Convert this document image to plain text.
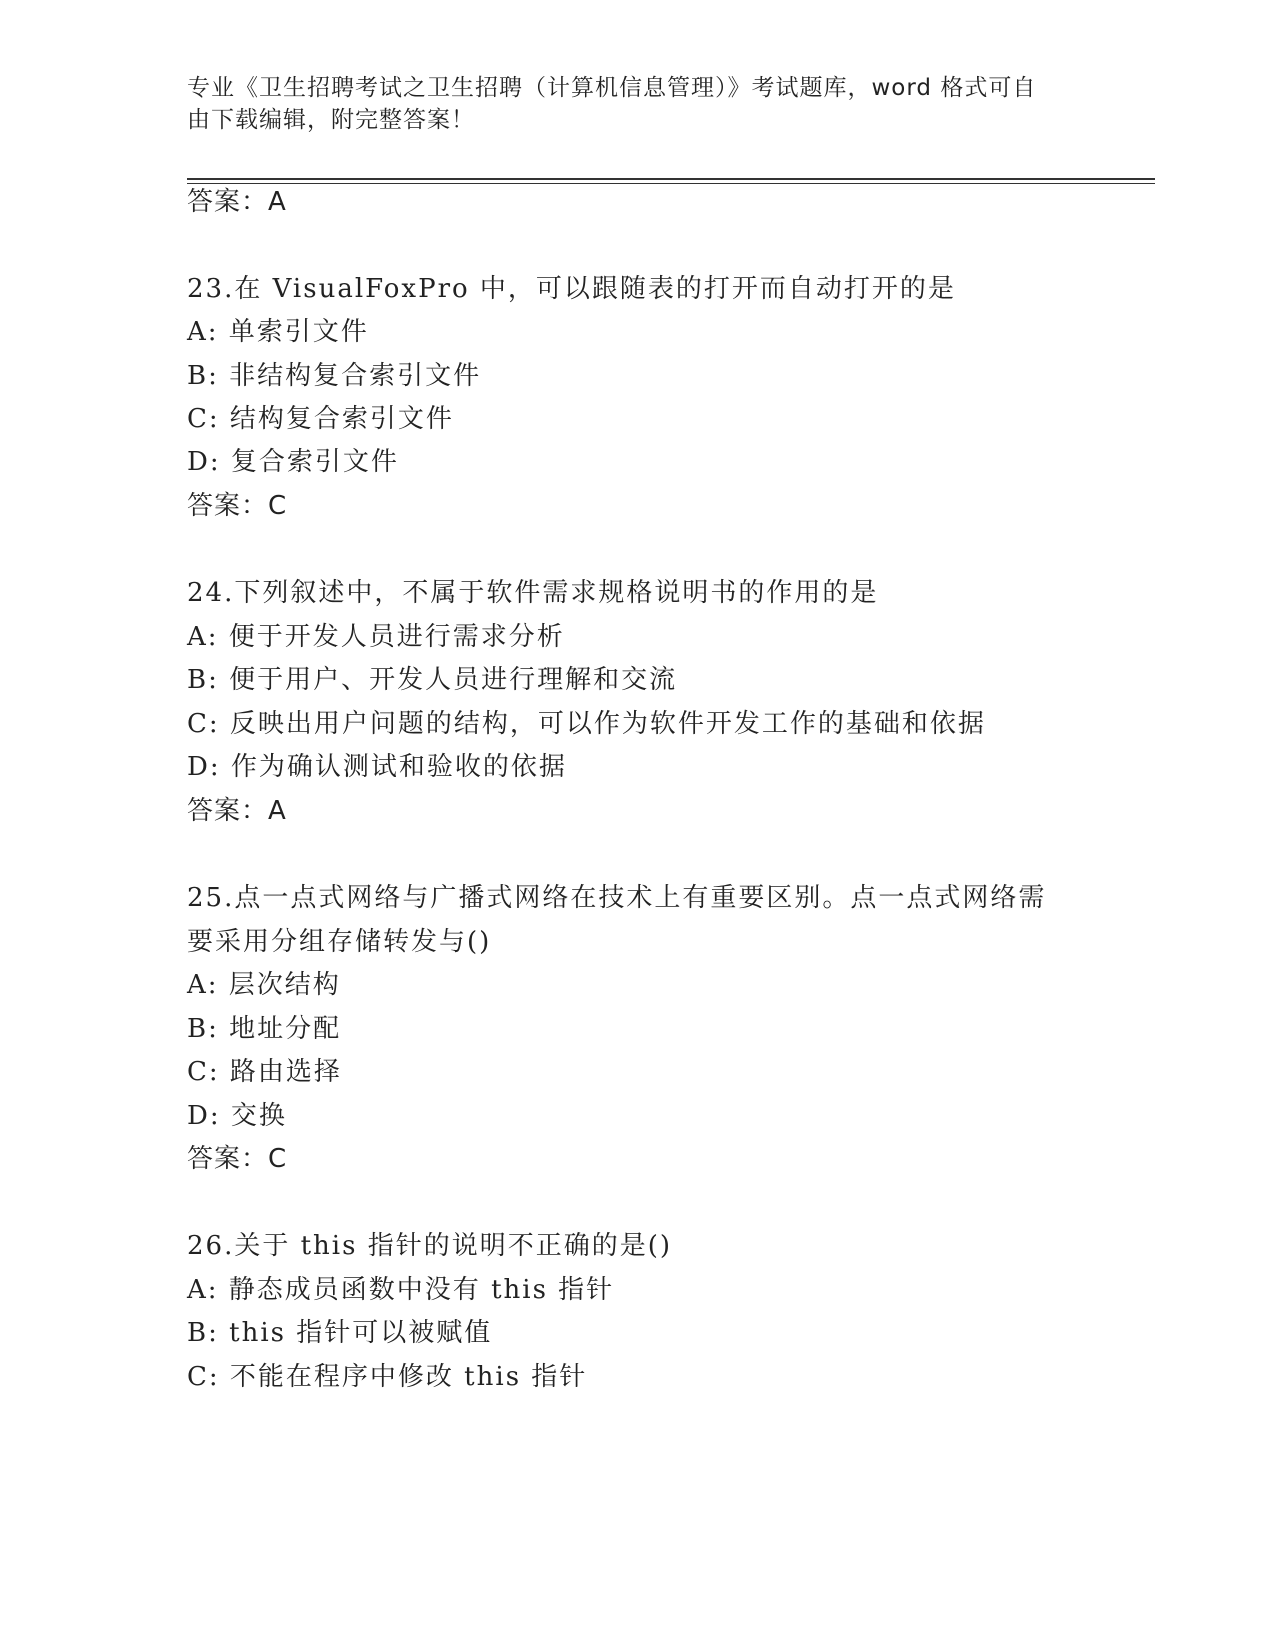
专业《卫生招聘考试之卫生招聘（计算机信息管理）》考试题库，word 格式可自
由下载编辑，附完整答案！
答案：A
23.在 VisualFoxPro 中，可以跟随表的打开而自动打开的是
A: 单索引文件
B: 非结构复合索引文件
C: 结构复合索引文件
D: 复合索引文件
答案：C
24.下列叙述中，不属于软件需求规格说明书的作用的是
A: 便于开发人员进行需求分析
B: 便于用户、开发人员进行理解和交流
C: 反映出用户问题的结构，可以作为软件开发工作的基础和依据
D: 作为确认测试和验收的依据
答案：A
25.点一点式网络与广播式网络在技术上有重要区别。点一点式网络需
要采用分组存储转发与()
A: 层次结构
B: 地址分配
C: 路由选择
D: 交换
答案：C
26.关于 this 指针的说明不正确的是()
A: 静态成员函数中没有 this 指针
B: this 指针可以被赋值
C: 不能在程序中修改 this 指针
